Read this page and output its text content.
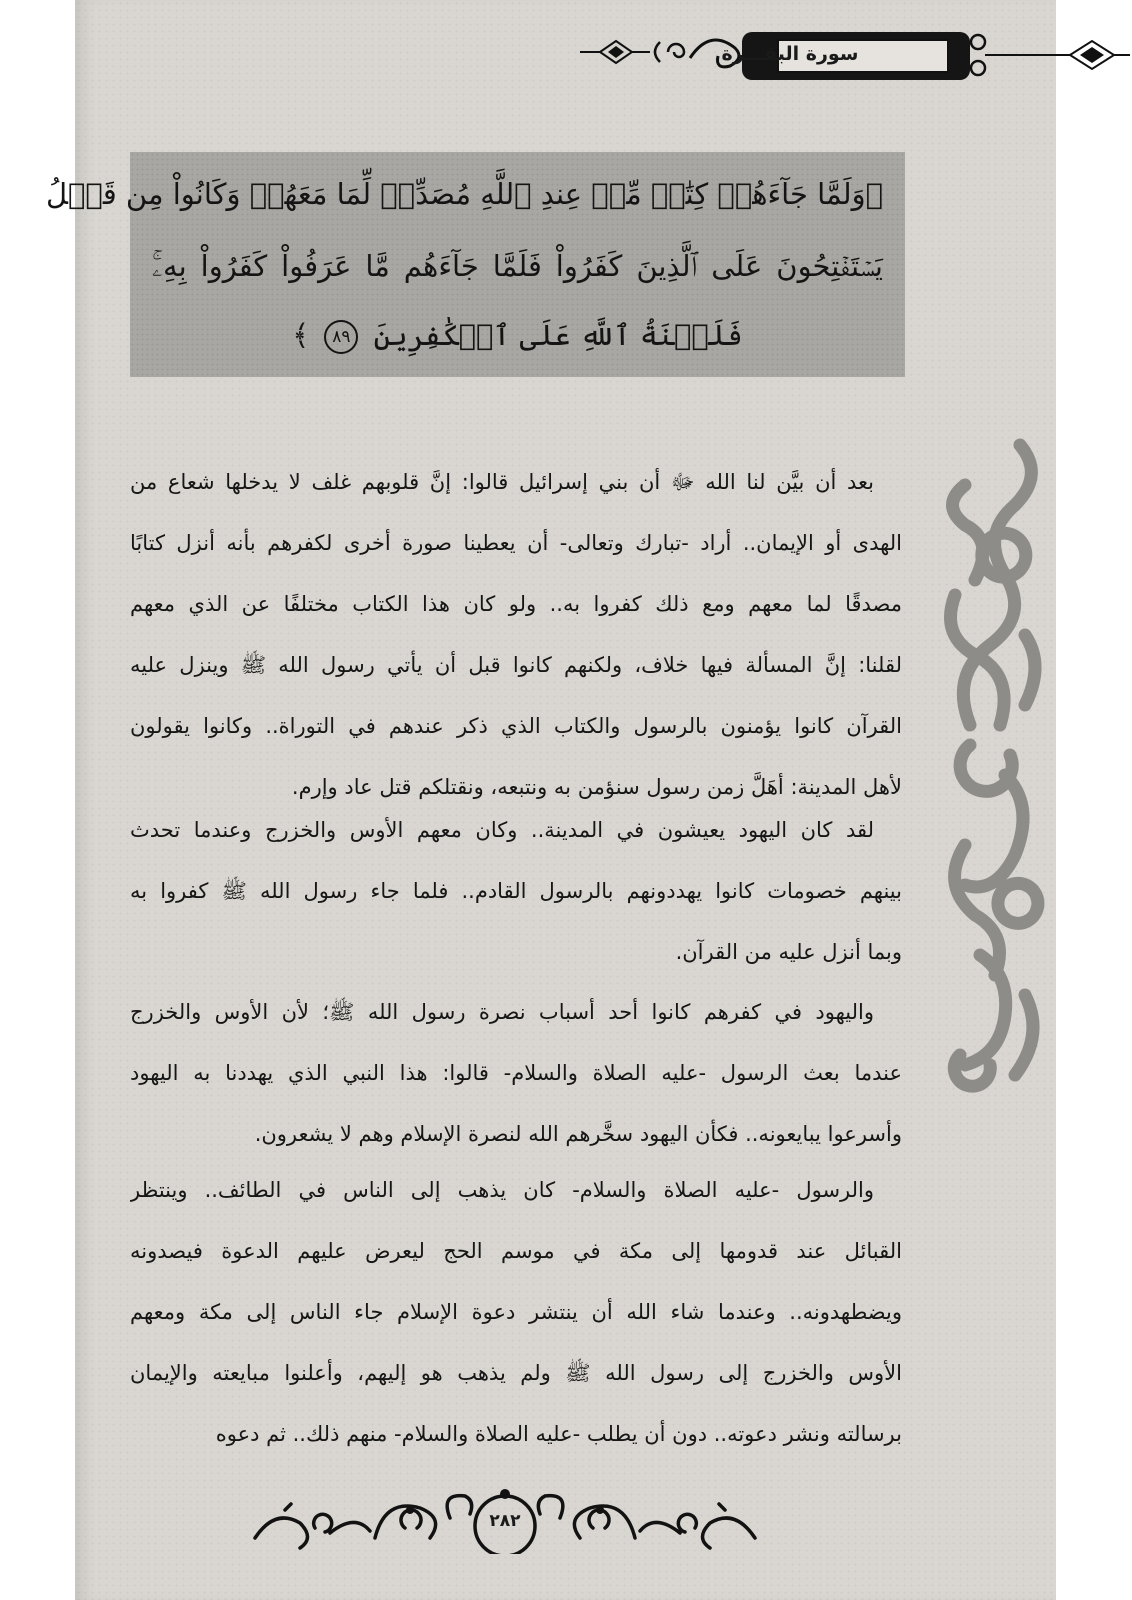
سورة البقـــرة
﴿وَلَمَّا جَآءَهُمۡ كِتَٰبٞ مِّنۡ عِندِ ٱللَّهِ مُصَدِّقٞ لِّمَا مَعَهُمۡ وَكَانُواْ مِن قَبۡلُ
يَسۡتَفۡتِحُونَ عَلَى ٱلَّذِينَ كَفَرُواْ فَلَمَّا جَآءَهُم مَّا عَرَفُواْ كَفَرُواْ بِهِۦۚ
فَلَعۡنَةُ ٱللَّهِ عَلَى ٱلۡكَٰفِرِينَ ٨٩ ﴾
بعد أن بيَّن لنا الله ﷻ أن بني إسرائيل قالوا: إنَّ قلوبهم غلف لا يدخلها شعاع من
الهدى أو الإيمان.. أراد -تبارك وتعالى- أن يعطينا صورة أخرى لكفرهم بأنه أنزل كتابًا
مصدقًا لما معهم ومع ذلك كفروا به.. ولو كان هذا الكتاب مختلفًا عن الذي معهم
لقلنا: إنَّ المسألة فيها خلاف، ولكنهم كانوا قبل أن يأتي رسول الله ﷺ وينزل عليه
القرآن كانوا يؤمنون بالرسول والكتاب الذي ذكر عندهم في التوراة.. وكانوا يقولون
لأهل المدينة: أهَلَّ زمن رسول سنؤمن به ونتبعه، ونقتلكم قتل عاد وإرم.
لقد كان اليهود يعيشون في المدينة.. وكان معهم الأوس والخزرج وعندما تحدث
بينهم خصومات كانوا يهددونهم بالرسول القادم.. فلما جاء رسول الله ﷺ كفروا به
وبما أنزل عليه من القرآن.
واليهود في كفرهم كانوا أحد أسباب نصرة رسول الله ﷺ؛ لأن الأوس والخزرج
عندما بعث الرسول -عليه الصلاة والسلام- قالوا: هذا النبي الذي يهددنا به اليهود
وأسرعوا يبايعونه.. فكأن اليهود سخَّرهم الله لنصرة الإسلام وهم لا يشعرون.
والرسول -عليه الصلاة والسلام- كان يذهب إلى الناس في الطائف.. وينتظر
القبائل عند قدومها إلى مكة في موسم الحج ليعرض عليهم الدعوة فيصدونه
ويضطهدونه.. وعندما شاء الله أن ينتشر دعوة الإسلام جاء الناس إلى مكة ومعهم
الأوس والخزرج إلى رسول الله ﷺ ولم يذهب هو إليهم، وأعلنوا مبايعته والإيمان
برسالته ونشر دعوته.. دون أن يطلب -عليه الصلاة والسلام- منهم ذلك.. ثم دعوه
٢٨٢
